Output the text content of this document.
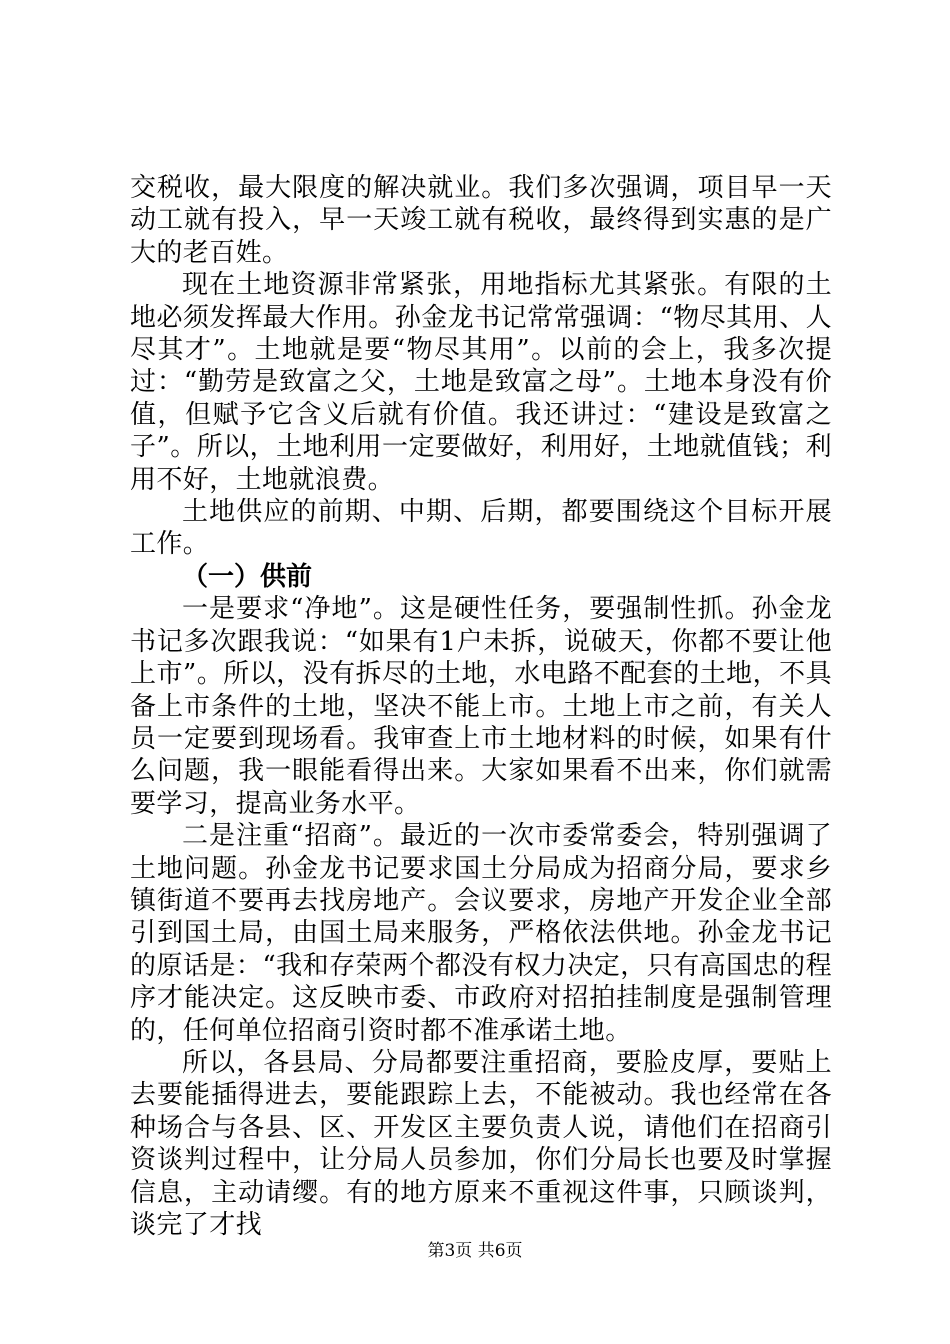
交税收，最大限度的解决就业。我们多次强调，项目早一天动工就有投入，早一天竣工就有税收，最终得到实惠的是广大的老百姓。

现在土地资源非常紧张，用地指标尤其紧张。有限的土地必须发挥最大作用。孙金龙书记常常强调：“物尽其用、人尽其才”。土地就是要“物尽其用”。以前的会上，我多次提过：“勤劳是致富之父，土地是致富之母”。土地本身没有价值，但赋予它含义后就有价值。我还讲过：“建设是致富之子”。所以，土地利用一定要做好，利用好，土地就值钱；利用不好，土地就浪费。

土地供应的前期、中期、后期，都要围绕这个目标开展工作。

（一）供前

一是要求“净地”。这是硬性任务，要强制性抓。孙金龙书记多次跟我说：“如果有1户未拆，说破天，你都不要让他上市”。所以，没有拆尽的土地，水电路不配套的土地，不具备上市条件的土地，坚决不能上市。土地上市之前，有关人员一定要到现场看。我审查上市土地材料的时候，如果有什么问题，我一眼能看得出来。大家如果看不出来，你们就需要学习，提高业务水平。

二是注重“招商”。最近的一次市委常委会，特别强调了土地问题。孙金龙书记要求国土分局成为招商分局，要求乡镇街道不要再去找房地产。会议要求，房地产开发企业全部引到国土局，由国土局来服务，严格依法供地。孙金龙书记的原话是：“我和存荣两个都没有权力决定，只有高国忠的程序才能决定。这反映市委、市政府对招拍挂制度是强制管理的，任何单位招商引资时都不准承诺土地。

所以，各县局、分局都要注重招商，要脸皮厚，要贴上去要能插得进去，要能跟踪上去，不能被动。我也经常在各种场合与各县、区、开发区主要负责人说，请他们在招商引资谈判过程中，让分局人员参加，你们分局长也要及时掌握信息，主动请缨。有的地方原来不重视这件事，只顾谈判，谈完了才找

第3页 共6页
